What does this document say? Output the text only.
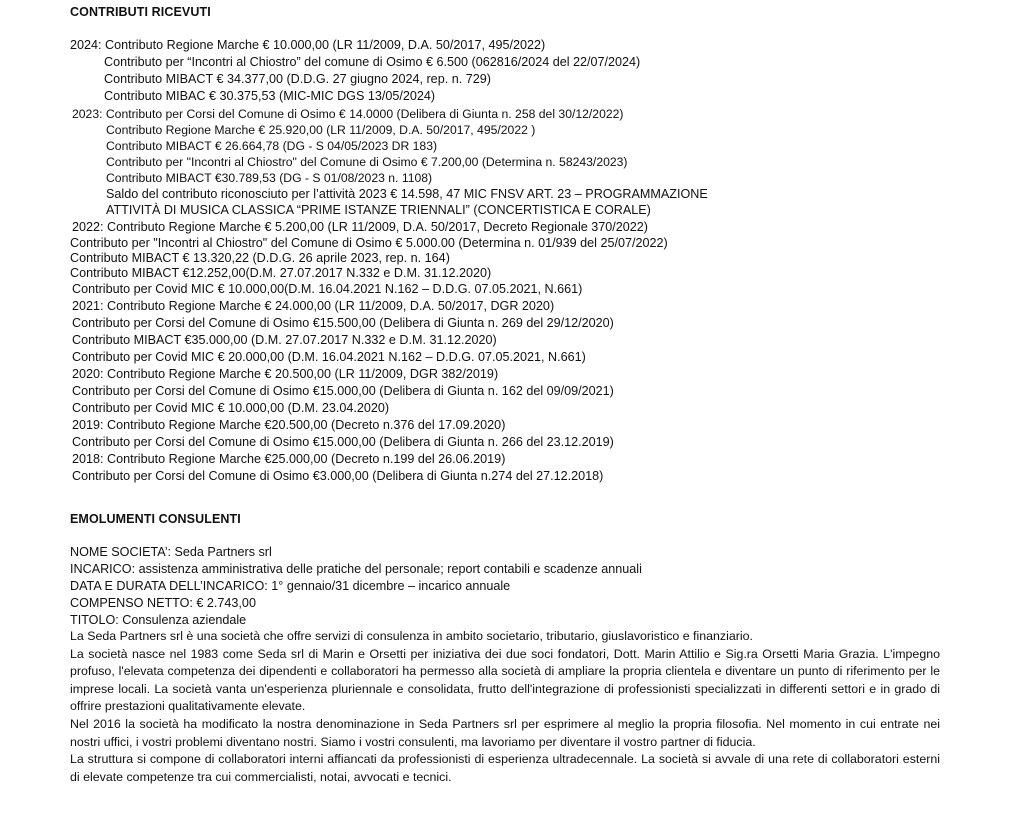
CONTRIBUTI RICEVUTI
2024: Contributo Regione Marche € 10.000,00 (LR 11/2009, D.A. 50/2017, 495/2022)
Contributo per “Incontri al Chiostro” del comune di Osimo € 6.500 (062816/2024 del 22/07/2024)
Contributo MIBACT € 34.377,00 (D.D.G. 27 giugno 2024, rep. n. 729)
Contributo MIBAC € 30.375,53 (MIC-MIC DGS 13/05/2024)
2023: Contributo per Corsi del Comune di Osimo € 14.0000 (Delibera di Giunta n. 258 del 30/12/2022)
Contributo Regione Marche € 25.920,00 (LR 11/2009, D.A. 50/2017, 495/2022 )
Contributo MIBACT € 26.664,78 (DG - S 04/05/2023 DR 183)
Contributo per "Incontri al Chiostro" del Comune di Osimo € 7.200,00 (Determina n. 58243/2023)
Contributo MIBACT €30.789,53 (DG - S 01/08/2023 n. 1108)
Saldo del contributo riconosciuto per l’attività 2023 € 14.598, 47 MIC FNSV ART. 23 – PROGRAMMAZIONE
ATTIVITÀ DI MUSICA CLASSICA “PRIME ISTANZE TRIENNALI” (CONCERTISTICA E CORALE)
2022: Contributo Regione Marche € 5.200,00 (LR 11/2009, D.A. 50/2017, Decreto Regionale 370/2022)
Contributo per "Incontri al Chiostro" del Comune di Osimo € 5.000.00 (Determina n. 01/939 del 25/07/2022)
Contributo MIBACT € 13.320,22 (D.D.G. 26 aprile 2023, rep. n. 164)
Contributo MIBACT €12.252,00(D.M. 27.07.2017 N.332 e D.M. 31.12.2020)
Contributo per Covid MIC € 10.000,00(D.M. 16.04.2021 N.162 – D.D.G. 07.05.2021, N.661)
2021: Contributo Regione Marche € 24.000,00 (LR 11/2009, D.A. 50/2017, DGR 2020)
Contributo per Corsi del Comune di Osimo €15.500,00 (Delibera di Giunta n. 269 del 29/12/2020)
Contributo MIBACT €35.000,00 (D.M. 27.07.2017 N.332 e D.M. 31.12.2020)
Contributo per Covid MIC € 20.000,00 (D.M. 16.04.2021 N.162 – D.D.G. 07.05.2021, N.661)
2020: Contributo Regione Marche € 20.500,00 (LR 11/2009, DGR 382/2019)
Contributo per Corsi del Comune di Osimo €15.000,00 (Delibera di Giunta n. 162 del 09/09/2021)
Contributo per Covid MIC € 10.000,00 (D.M. 23.04.2020)
2019: Contributo Regione Marche €20.500,00 (Decreto n.376 del 17.09.2020)
Contributo per Corsi del Comune di Osimo €15.000,00 (Delibera di Giunta n. 266 del 23.12.2019)
2018: Contributo Regione Marche €25.000,00 (Decreto n.199 del 26.06.2019)
Contributo per Corsi del Comune di Osimo €3.000,00 (Delibera di Giunta n.274 del 27.12.2018)
EMOLUMENTI CONSULENTI
NOME SOCIETA’: Seda Partners srl
INCARICO: assistenza amministrativa delle pratiche del personale; report contabili e scadenze annuali
DATA E DURATA DELL’INCARICO: 1° gennaio/31 dicembre – incarico annuale
COMPENSO NETTO: € 2.743,00
TITOLO: Consulenza aziendale

La Seda Partners srl è una società che offre servizi di consulenza in ambito societario, tributario, giuslavoristico e finanziario.

La società nasce nel 1983 come Seda srl di Marin e Orsetti per iniziativa dei due soci fondatori, Dott. Marin Attilio e Sig.ra Orsetti Maria Grazia. L'impegno profuso, l'elevata competenza dei dipendenti e collaboratori ha permesso alla società di ampliare la propria clientela e diventare un punto di riferimento per le imprese locali. La società vanta un'esperienza pluriennale e consolidata, frutto dell'integrazione di professionisti specializzati in differenti settori e in grado di offrire prestazioni qualitativamente elevate.

Nel 2016 la società ha modificato la nostra denominazione in Seda Partners srl per esprimere al meglio la propria filosofia. Nel momento in cui entrate nei nostri uffici, i vostri problemi diventano nostri. Siamo i vostri consulenti, ma lavoriamo per diventare il vostro partner di fiducia.

La struttura si compone di collaboratori interni affiancati da professionisti di esperienza ultradecennale. La società si avvale di una rete di collaboratori esterni di elevate competenze tra cui commercialisti, notai, avvocati e tecnici.
